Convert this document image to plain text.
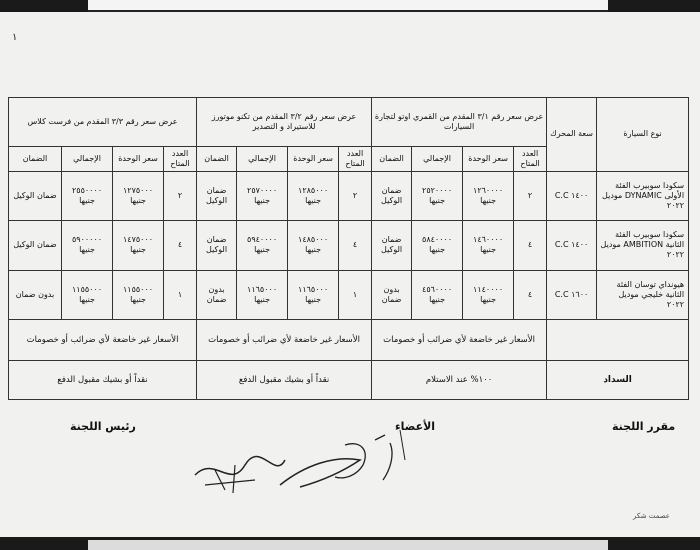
١
نوع السيارة	سعة المحرك	عرض سعر رقم ٣/١ المقدم من القمري اوتو لتجارة السيارات				عرض سعر رقم ٣/٢ المقدم من تكنو موتورز للاستيراد و التصدير				عرض سعر رقم ٣/٣ المقدم من فرست كلاس			
		العدد المتاح	سعر الوحدة	الإجمالي	الضمان	العدد المتاح	سعر الوحدة	الإجمالي	الضمان	العدد المتاح	سعر الوحدة	الإجمالي	الضمان
سكودا سوبيرب الفئة الأولى DYNAMIC موديل ٢٠٢٢	١٤٠٠ C.C	٢	١٢٦٠٠٠٠ جنيها	٢٥٢٠٠٠٠ جنيها	ضمان الوكيل	٢	١٢٨٥٠٠٠ جنيها	٢٥٧٠٠٠٠ جنيها	ضمان الوكيل	٢	١٢٧٥٠٠٠ جنيها	٢٥٥٠٠٠٠ جنيها	ضمان الوكيل
سكودا سوبيرب الفئة الثانية AMBITION موديل ٢٠٢٢	١٤٠٠ C.C	٤	١٤٦٠٠٠٠ جنيها	٥٨٤٠٠٠٠ جنيها	ضمان الوكيل	٤	١٤٨٥٠٠٠ جنيها	٥٩٤٠٠٠٠ جنيها	ضمان الوكيل	٤	١٤٧٥٠٠٠ جنيها	٥٩٠٠٠٠٠ جنيها	ضمان الوكيل
هيونداي توسان الفئة الثانية خليجي موديل ٢٠٢٢	١٦٠٠ C.C	٤	١١٤٠٠٠٠ جنيها	٤٥٦٠٠٠٠ جنيها	بدون ضمان	١	١١٦٥٠٠٠ جنيها	١١٦٥٠٠٠ جنيها	بدون ضمان	١	١١٥٥٠٠٠ جنيها	١١٥٥٠٠٠ جنيها	بدون ضمان
		الأسعار غير خاضعة لأي ضرائب أو خصومات				الأسعار غير خاضعة لأي ضرائب أو خصومات				الأسعار غير خاضعة لأي ضرائب أو خصومات			
السداد		١٠٠% عند الاستلام				نقداً أو بشيك مقبول الدفع				نقداً أو بشيك مقبول الدفع			
مقرر اللجنة
الأعضاء
رئيس اللجنة
عصمت شكر
